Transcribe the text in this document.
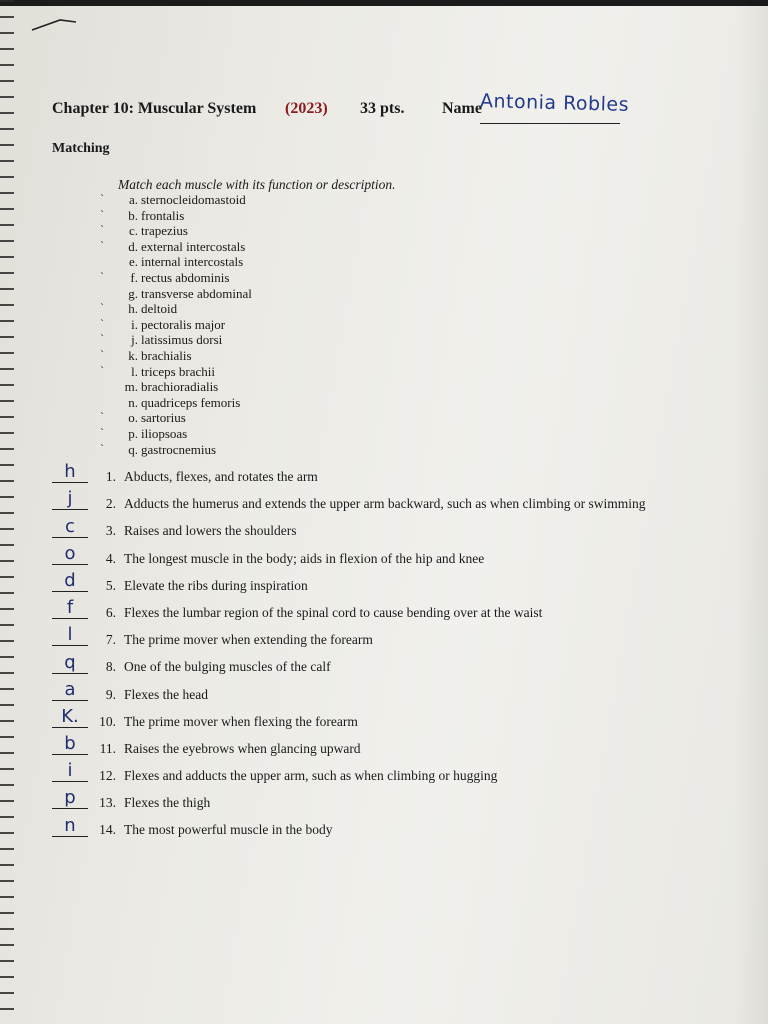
Chapter 10: Muscular System (2023) 33 pts. Name
Antonia Robles
Matching
Match each muscle with its function or description.
ˋ	a. sternocleidomastoid
ˋ	b. frontalis
ˋ	c. trapezius
ˋ	d. external intercostals
e. internal intercostals
ˋ	f. rectus abdominis
g. transverse abdominal
ˋ	h. deltoid
ˋ	i. pectoralis major
ˋ	j. latissimus dorsi
ˋ	k. brachialis
ˋ	l. triceps brachii
m. brachioradialis
n. quadriceps femoris
ˋ	o. sartorius
ˋ	p. iliopsoas
ˋ	q. gastrocnemius
h	1. Abducts, flexes, and rotates the arm
j	2. Adducts the humerus and extends the upper arm backward, such as when climbing or swimming
c	3. Raises and lowers the shoulders
o	4. The longest muscle in the body; aids in flexion of the hip and knee
d	5. Elevate the ribs during inspiration
f	6. Flexes the lumbar region of the spinal cord to cause bending over at the waist
l	7. The prime mover when extending the forearm
q	8. One of the bulging muscles of the calf
a	9. Flexes the head
K.	10. The prime mover when flexing the forearm
b	11. Raises the eyebrows when glancing upward
i	12. Flexes and adducts the upper arm, such as when climbing or hugging
p	13. Flexes the thigh
n	14. The most powerful muscle in the body
